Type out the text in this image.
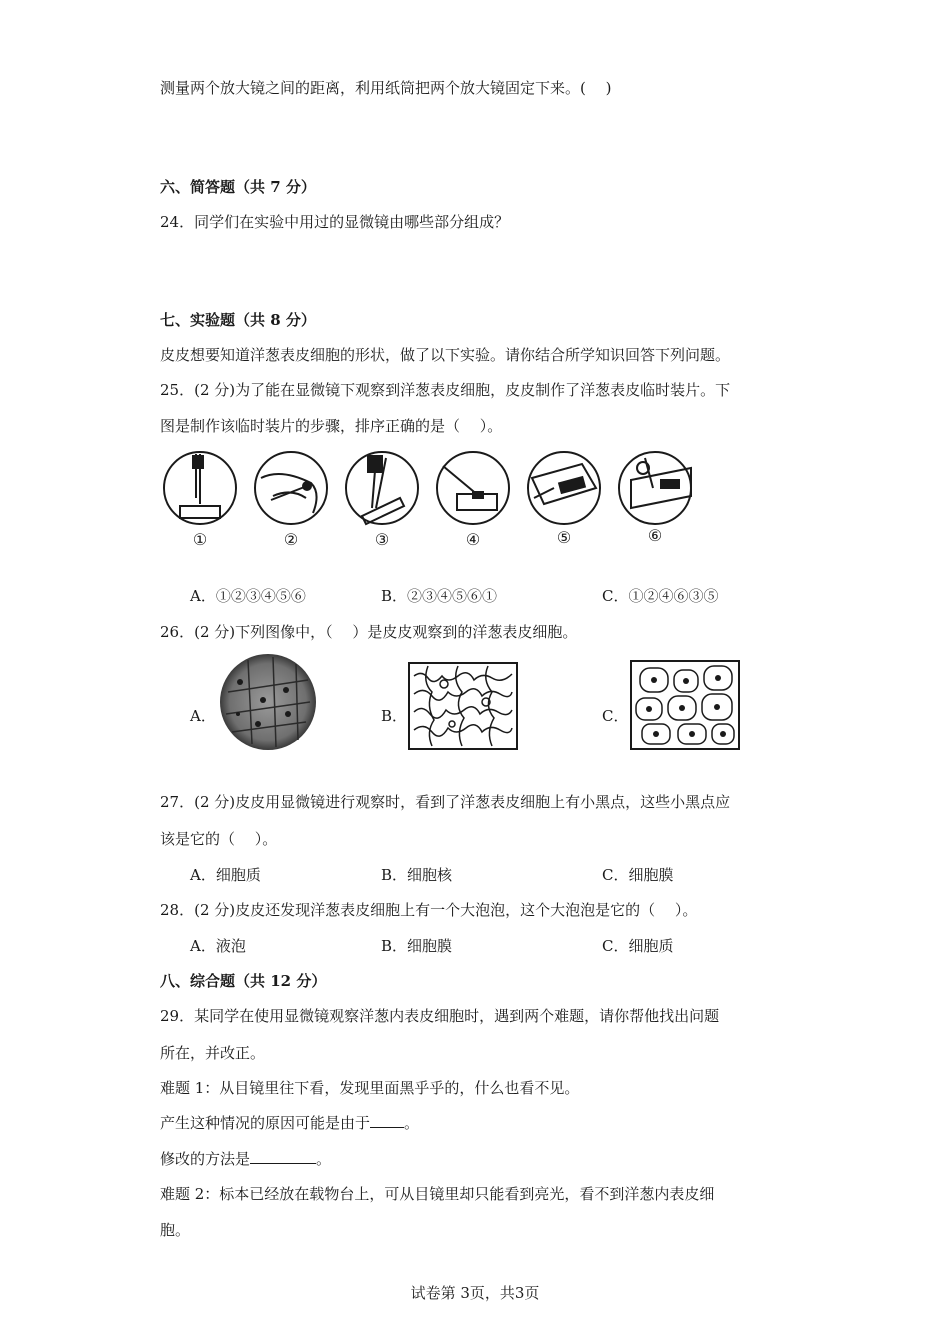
测量两个放大镜之间的距离，利用纸筒把两个放大镜固定下来。(　 )
六、简答题（共 7 分）
24．同学们在实验中用过的显微镜由哪些部分组成？
七、实验题（共 8 分）
皮皮想要知道洋葱表皮细胞的形状，做了以下实验。请你结合所学知识回答下列问题。
25．(2 分)为了能在显微镜下观察到洋葱表皮细胞，皮皮制作了洋葱表皮临时装片。下
图是制作该临时装片的步骤，排序正确的是（　 ）。
①	②	③	④	⑤	⑥
A．①②③④⑤⑥	B．②③④⑤⑥①	C．①②④⑥③⑤
26．(2 分)下列图像中，（　 ）是皮皮观察到的洋葱表皮细胞。
A．	B．	C．
27．(2 分)皮皮用显微镜进行观察时，看到了洋葱表皮细胞上有小黑点，这些小黑点应
该是它的（　 ）。
A．细胞质	B．细胞核	C．细胞膜
28．(2 分)皮皮还发现洋葱表皮细胞上有一个大泡泡，这个大泡泡是它的（　 ）。
A．液泡	B．细胞膜	C．细胞质
八、综合题（共 12 分）
29．某同学在使用显微镜观察洋葱内表皮细胞时，遇到两个难题，请你帮他找出问题
所在，并改正。
难题 1：从目镜里往下看，发现里面黑乎乎的，什么也看不见。
产生这种情况的原因可能是由于 。
修改的方法是	。
难题 2：标本已经放在载物台上，可从目镜里却只能看到亮光，看不到洋葱内表皮细
胞。
试卷第 3页，共3页
